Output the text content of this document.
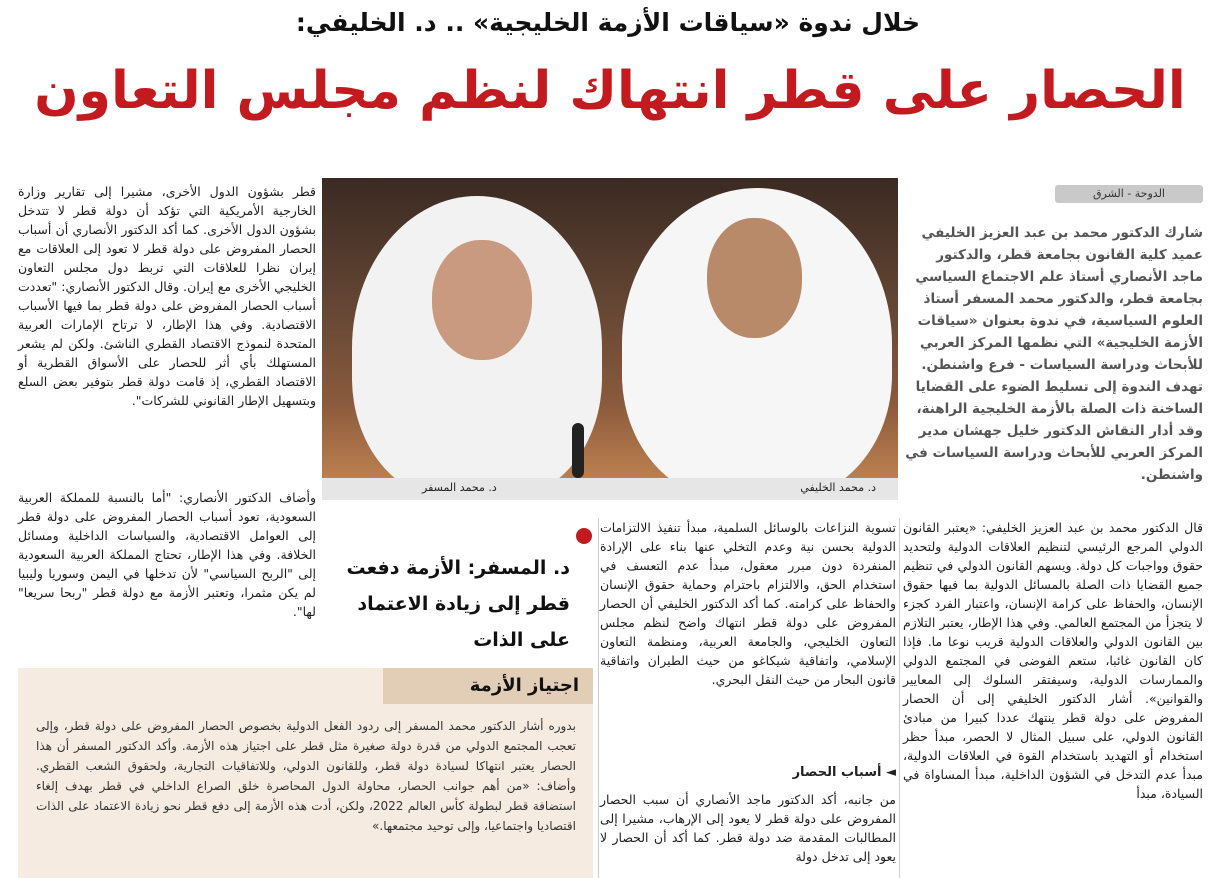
خلال ندوة «سياقات الأزمة الخليجية» .. د. الخليفي:
الحصار على قطر انتهاك لنظم مجلس التعاون
قطر بشؤون الدول الأخرى، مشيرا إلى تقارير وزارة الخارجية الأمريكية التي تؤكد أن دولة قطر لا تتدخل بشؤون الدول الأخرى. كما أكد الدكتور الأنصاري أن أسباب الحصار المفروض على دولة قطر لا تعود إلى العلاقات مع إيران نظرا للعلاقات التي تربط دول مجلس التعاون الخليجي الأخرى مع إيران. وقال الدكتور الأنصاري: "تعددت أسباب الحصار المفروض على دولة قطر بما فيها الأسباب الاقتصادية. وفي هذا الإطار، لا ترتاح الإمارات العربية المتحدة لنموذج الاقتصاد القطري الناشئ. ولكن لم يشعر المستهلك بأي أثر للحصار على الأسواق القطرية أو الاقتصاد القطري، إذ قامت دولة قطر بتوفير بعض السلع وبتسهيل الإطار القانوني للشركات".
وأضاف الدكتور الأنصاري: "أما بالنسبة للمملكة العربية السعودية، تعود أسباب الحصار المفروض على دولة قطر إلى العوامل الاقتصادية، والسياسات الداخلية ومسائل الخلافة. وفي هذا الإطار، تحتاج المملكة العربية السعودية إلى "الربح السياسي" لأن تدخلها في اليمن وسوريا وليبيا لم يكن مثمرا، وتعتبر الأزمة مع دولة قطر "ربحا سريعا" لها".
د. محمد الخليفي
د. محمد المسفر
الدوحة - الشرق
شارك الدكتور محمد بن عبد العزيز الخليفي عميد كلية القانون بجامعة قطر، والدكتور ماجد الأنصاري أستاذ علم الاجتماع السياسي بجامعة قطر، والدكتور محمد المسفر أستاذ العلوم السياسية، في ندوة بعنوان «سياقات الأزمة الخليجية» التي نظمها المركز العربي للأبحاث ودراسة السياسات - فرع واشنطن. تهدف الندوة إلى تسليط الضوء على القضايا الساخنة ذات الصلة بالأزمة الخليجية الراهنة، وقد أدار النقاش الدكتور خليل جهشان مدير المركز العربي للأبحاث ودراسة السياسات في واشنطن.
د. المسفر: الأزمة دفعت قطر إلى زيادة الاعتماد على الذات
تسوية النزاعات بالوسائل السلمية، مبدأ تنفيذ الالتزامات الدولية بحسن نية وعدم التخلي عنها بناء على الإرادة المنفردة دون مبرر معقول، مبدأ عدم التعسف في استخدام الحق، والالتزام باحترام وحماية حقوق الإنسان والحفاظ على كرامته. كما أكد الدكتور الخليفي أن الحصار المفروض على دولة قطر انتهاك واضح لنظم مجلس التعاون الخليجي، والجامعة العربية، ومنظمة التعاون الإسلامي، واتفاقية شيكاغو من حيث الطيران واتفاقية قانون البحار من حيث النقل البحري.
◄ أسباب الحصار
من جانبه، أكد الدكتور ماجد الأنصاري أن سبب الحصار المفروض على دولة قطر لا يعود إلى الإرهاب، مشيرا إلى المطالبات المقدمة ضد دولة قطر. كما أكد أن الحصار لا يعود إلى تدخل دولة
قال الدكتور محمد بن عبد العزيز الخليفي: «يعتبر القانون الدولي المرجع الرئيسي لتنظيم العلاقات الدولية ولتحديد حقوق وواجبات كل دولة. ويسهم القانون الدولي في تنظيم جميع القضايا ذات الصلة بالمسائل الدولية بما فيها حقوق الإنسان، والحفاظ على كرامة الإنسان، واعتبار الفرد كجزء لا يتجزأ من المجتمع العالمي. وفي هذا الإطار، يعتبر التلازم بين القانون الدولي والعلاقات الدولية قريب نوعا ما. فإذا كان القانون غائبا، ستعم الفوضى في المجتمع الدولي والممارسات الدولية، وسيفتقر السلوك إلى المعايير والقوانين». أشار الدكتور الخليفي إلى أن الحصار المفروض على دولة قطر ينتهك عددا كبيرا من مبادئ القانون الدولي، على سبيل المثال لا الحصر، مبدأ حظر استخدام أو التهديد باستخدام القوة في العلاقات الدولية، مبدأ عدم التدخل في الشؤون الداخلية، مبدأ المساواة في السيادة، مبدأ
اجتياز الأزمة
بدوره أشار الدكتور محمد المسفر إلى ردود الفعل الدولية بخصوص الحصار المفروض على دولة قطر، وإلى تعجب المجتمع الدولي من قدرة دولة صغيرة مثل قطر على اجتياز هذه الأزمة. وأكد الدكتور المسفر أن هذا الحصار يعتبر انتهاكا لسيادة دولة قطر، وللقانون الدولي، وللاتفاقيات التجارية، ولحقوق الشعب القطري. وأضاف: «من أهم جوانب الحصار، محاولة الدول المحاصرة خلق الصراع الداخلي في قطر بهدف إلغاء استضافة قطر لبطولة كأس العالم 2022، ولكن، أدت هذه الأزمة إلى دفع قطر نحو زيادة الاعتماد على الذات اقتصاديا واجتماعيا، وإلى توحيد مجتمعها.»
